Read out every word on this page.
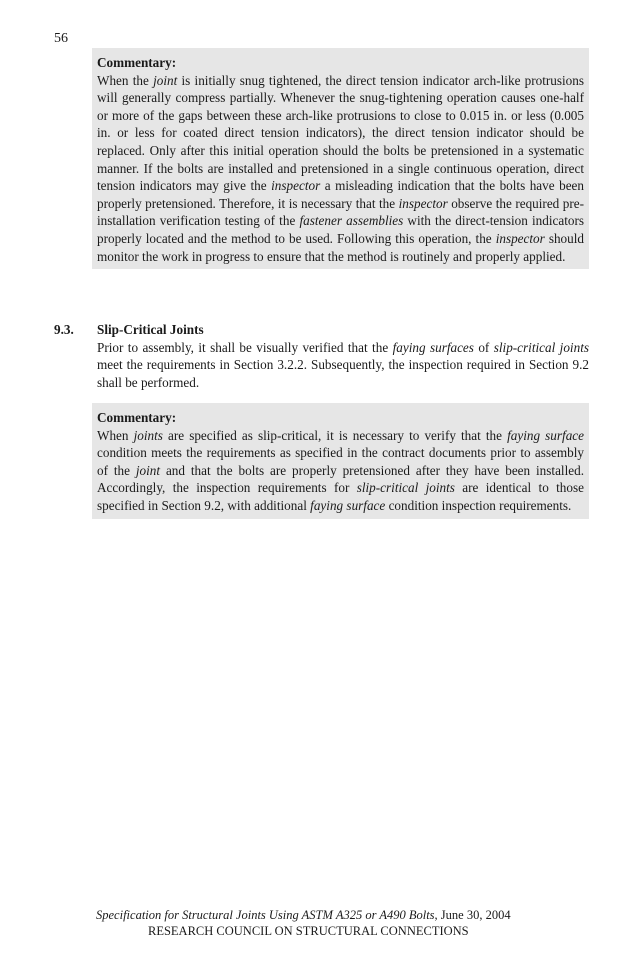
56
Commentary:
When the joint is initially snug tightened, the direct tension indicator arch-like protrusions will generally compress partially. Whenever the snug-tightening operation causes one-half or more of the gaps between these arch-like protrusions to close to 0.015 in. or less (0.005 in. or less for coated direct tension indicators), the direct tension indicator should be replaced. Only after this initial operation should the bolts be pretensioned in a systematic manner. If the bolts are installed and pretensioned in a single continuous operation, direct tension indicators may give the inspector a misleading indication that the bolts have been properly pretensioned. Therefore, it is necessary that the inspector observe the required pre-installation verification testing of the fastener assemblies with the direct-tension indicators properly located and the method to be used. Following this operation, the inspector should monitor the work in progress to ensure that the method is routinely and properly applied.
9.3. Slip-Critical Joints
Prior to assembly, it shall be visually verified that the faying surfaces of slip-critical joints meet the requirements in Section 3.2.2. Subsequently, the inspection required in Section 9.2 shall be performed.
Commentary:
When joints are specified as slip-critical, it is necessary to verify that the faying surface condition meets the requirements as specified in the contract documents prior to assembly of the joint and that the bolts are properly pretensioned after they have been installed. Accordingly, the inspection requirements for slip-critical joints are identical to those specified in Section 9.2, with additional faying surface condition inspection requirements.
Specification for Structural Joints Using ASTM A325 or A490 Bolts, June 30, 2004
RESEARCH COUNCIL ON STRUCTURAL CONNECTIONS
